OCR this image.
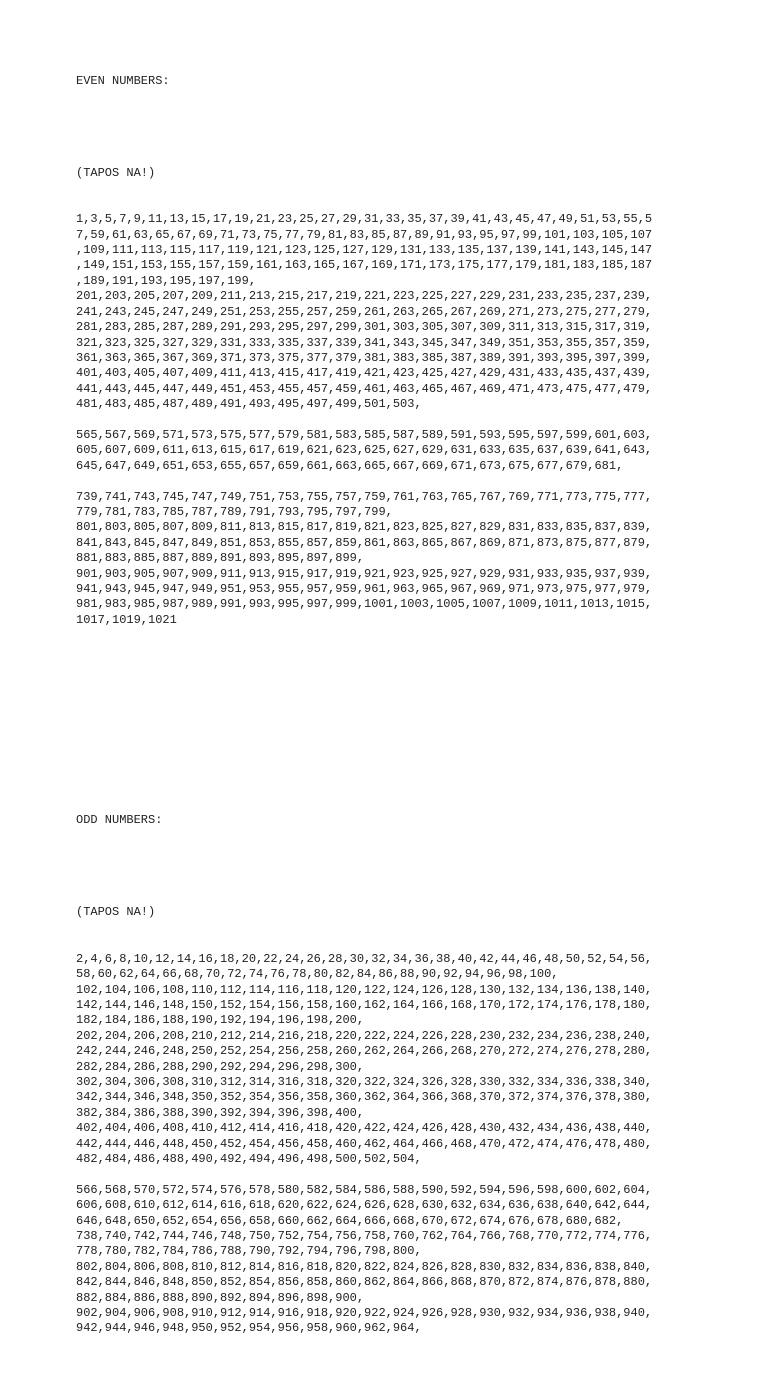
EVEN NUMBERS:

(TAPOS NA!)

1,3,5,7,9,11,13,15,17,19,21,23,25,27,29,31,33,35,37,39,41,43,45,47,49,51,53,55,5
7,59,61,63,65,67,69,71,73,75,77,79,81,83,85,87,89,91,93,95,97,99,101,103,105,107
,109,111,113,115,117,119,121,123,125,127,129,131,133,135,137,139,141,143,145,147
,149,151,153,155,157,159,161,163,165,167,169,171,173,175,177,179,181,183,185,187
,189,191,193,195,197,199,
201,203,205,207,209,211,213,215,217,219,221,223,225,227,229,231,233,235,237,239,
241,243,245,247,249,251,253,255,257,259,261,263,265,267,269,271,273,275,277,279,
281,283,285,287,289,291,293,295,297,299,301,303,305,307,309,311,313,315,317,319,
321,323,325,327,329,331,333,335,337,339,341,343,345,347,349,351,353,355,357,359,
361,363,365,367,369,371,373,375,377,379,381,383,385,387,389,391,393,395,397,399,
401,403,405,407,409,411,413,415,417,419,421,423,425,427,429,431,433,435,437,439,
441,443,445,447,449,451,453,455,457,459,461,463,465,467,469,471,473,475,477,479,
481,483,485,487,489,491,493,495,497,499,501,503,
565,567,569,571,573,575,577,579,581,583,585,587,589,591,593,595,597,599,601,603,
605,607,609,611,613,615,617,619,621,623,625,627,629,631,633,635,637,639,641,643,
645,647,649,651,653,655,657,659,661,663,665,667,669,671,673,675,677,679,681,
739,741,743,745,747,749,751,753,755,757,759,761,763,765,767,769,771,773,775,777,
779,781,783,785,787,789,791,793,795,797,799,
801,803,805,807,809,811,813,815,817,819,821,823,825,827,829,831,833,835,837,839,
841,843,845,847,849,851,853,855,857,859,861,863,865,867,869,871,873,875,877,879,
881,883,885,887,889,891,893,895,897,899,
901,903,905,907,909,911,913,915,917,919,921,923,925,927,929,931,933,935,937,939,
941,943,945,947,949,951,953,955,957,959,961,963,965,967,969,971,973,975,977,979,
981,983,985,987,989,991,993,995,997,999,1001,1003,1005,1007,1009,1011,1013,1015,
1017,1019,1021

ODD NUMBERS:

(TAPOS NA!)

2,4,6,8,10,12,14,16,18,20,22,24,26,28,30,32,34,36,38,40,42,44,46,48,50,52,54,56,
58,60,62,64,66,68,70,72,74,76,78,80,82,84,86,88,90,92,94,96,98,100,
102,104,106,108,110,112,114,116,118,120,122,124,126,128,130,132,134,136,138,140,
142,144,146,148,150,152,154,156,158,160,162,164,166,168,170,172,174,176,178,180,
182,184,186,188,190,192,194,196,198,200,
202,204,206,208,210,212,214,216,218,220,222,224,226,228,230,232,234,236,238,240,
242,244,246,248,250,252,254,256,258,260,262,264,266,268,270,272,274,276,278,280,
282,284,286,288,290,292,294,296,298,300,
302,304,306,308,310,312,314,316,318,320,322,324,326,328,330,332,334,336,338,340,
342,344,346,348,350,352,354,356,358,360,362,364,366,368,370,372,374,376,378,380,
382,384,386,388,390,392,394,396,398,400,
402,404,406,408,410,412,414,416,418,420,422,424,426,428,430,432,434,436,438,440,
442,444,446,448,450,452,454,456,458,460,462,464,466,468,470,472,474,476,478,480,
482,484,486,488,490,492,494,496,498,500,502,504,
566,568,570,572,574,576,578,580,582,584,586,588,590,592,594,596,598,600,602,604,
606,608,610,612,614,616,618,620,622,624,626,628,630,632,634,636,638,640,642,644,
646,648,650,652,654,656,658,660,662,664,666,668,670,672,674,676,678,680,682,
738,740,742,744,746,748,750,752,754,756,758,760,762,764,766,768,770,772,774,776,
778,780,782,784,786,788,790,792,794,796,798,800,
802,804,806,808,810,812,814,816,818,820,822,824,826,828,830,832,834,836,838,840,
842,844,846,848,850,852,854,856,858,860,862,864,866,868,870,872,874,876,878,880,
882,884,886,888,890,892,894,896,898,900,
902,904,906,908,910,912,914,916,918,920,922,924,926,928,930,932,934,936,938,940,
942,944,946,948,950,952,954,956,958,960,962,964,
